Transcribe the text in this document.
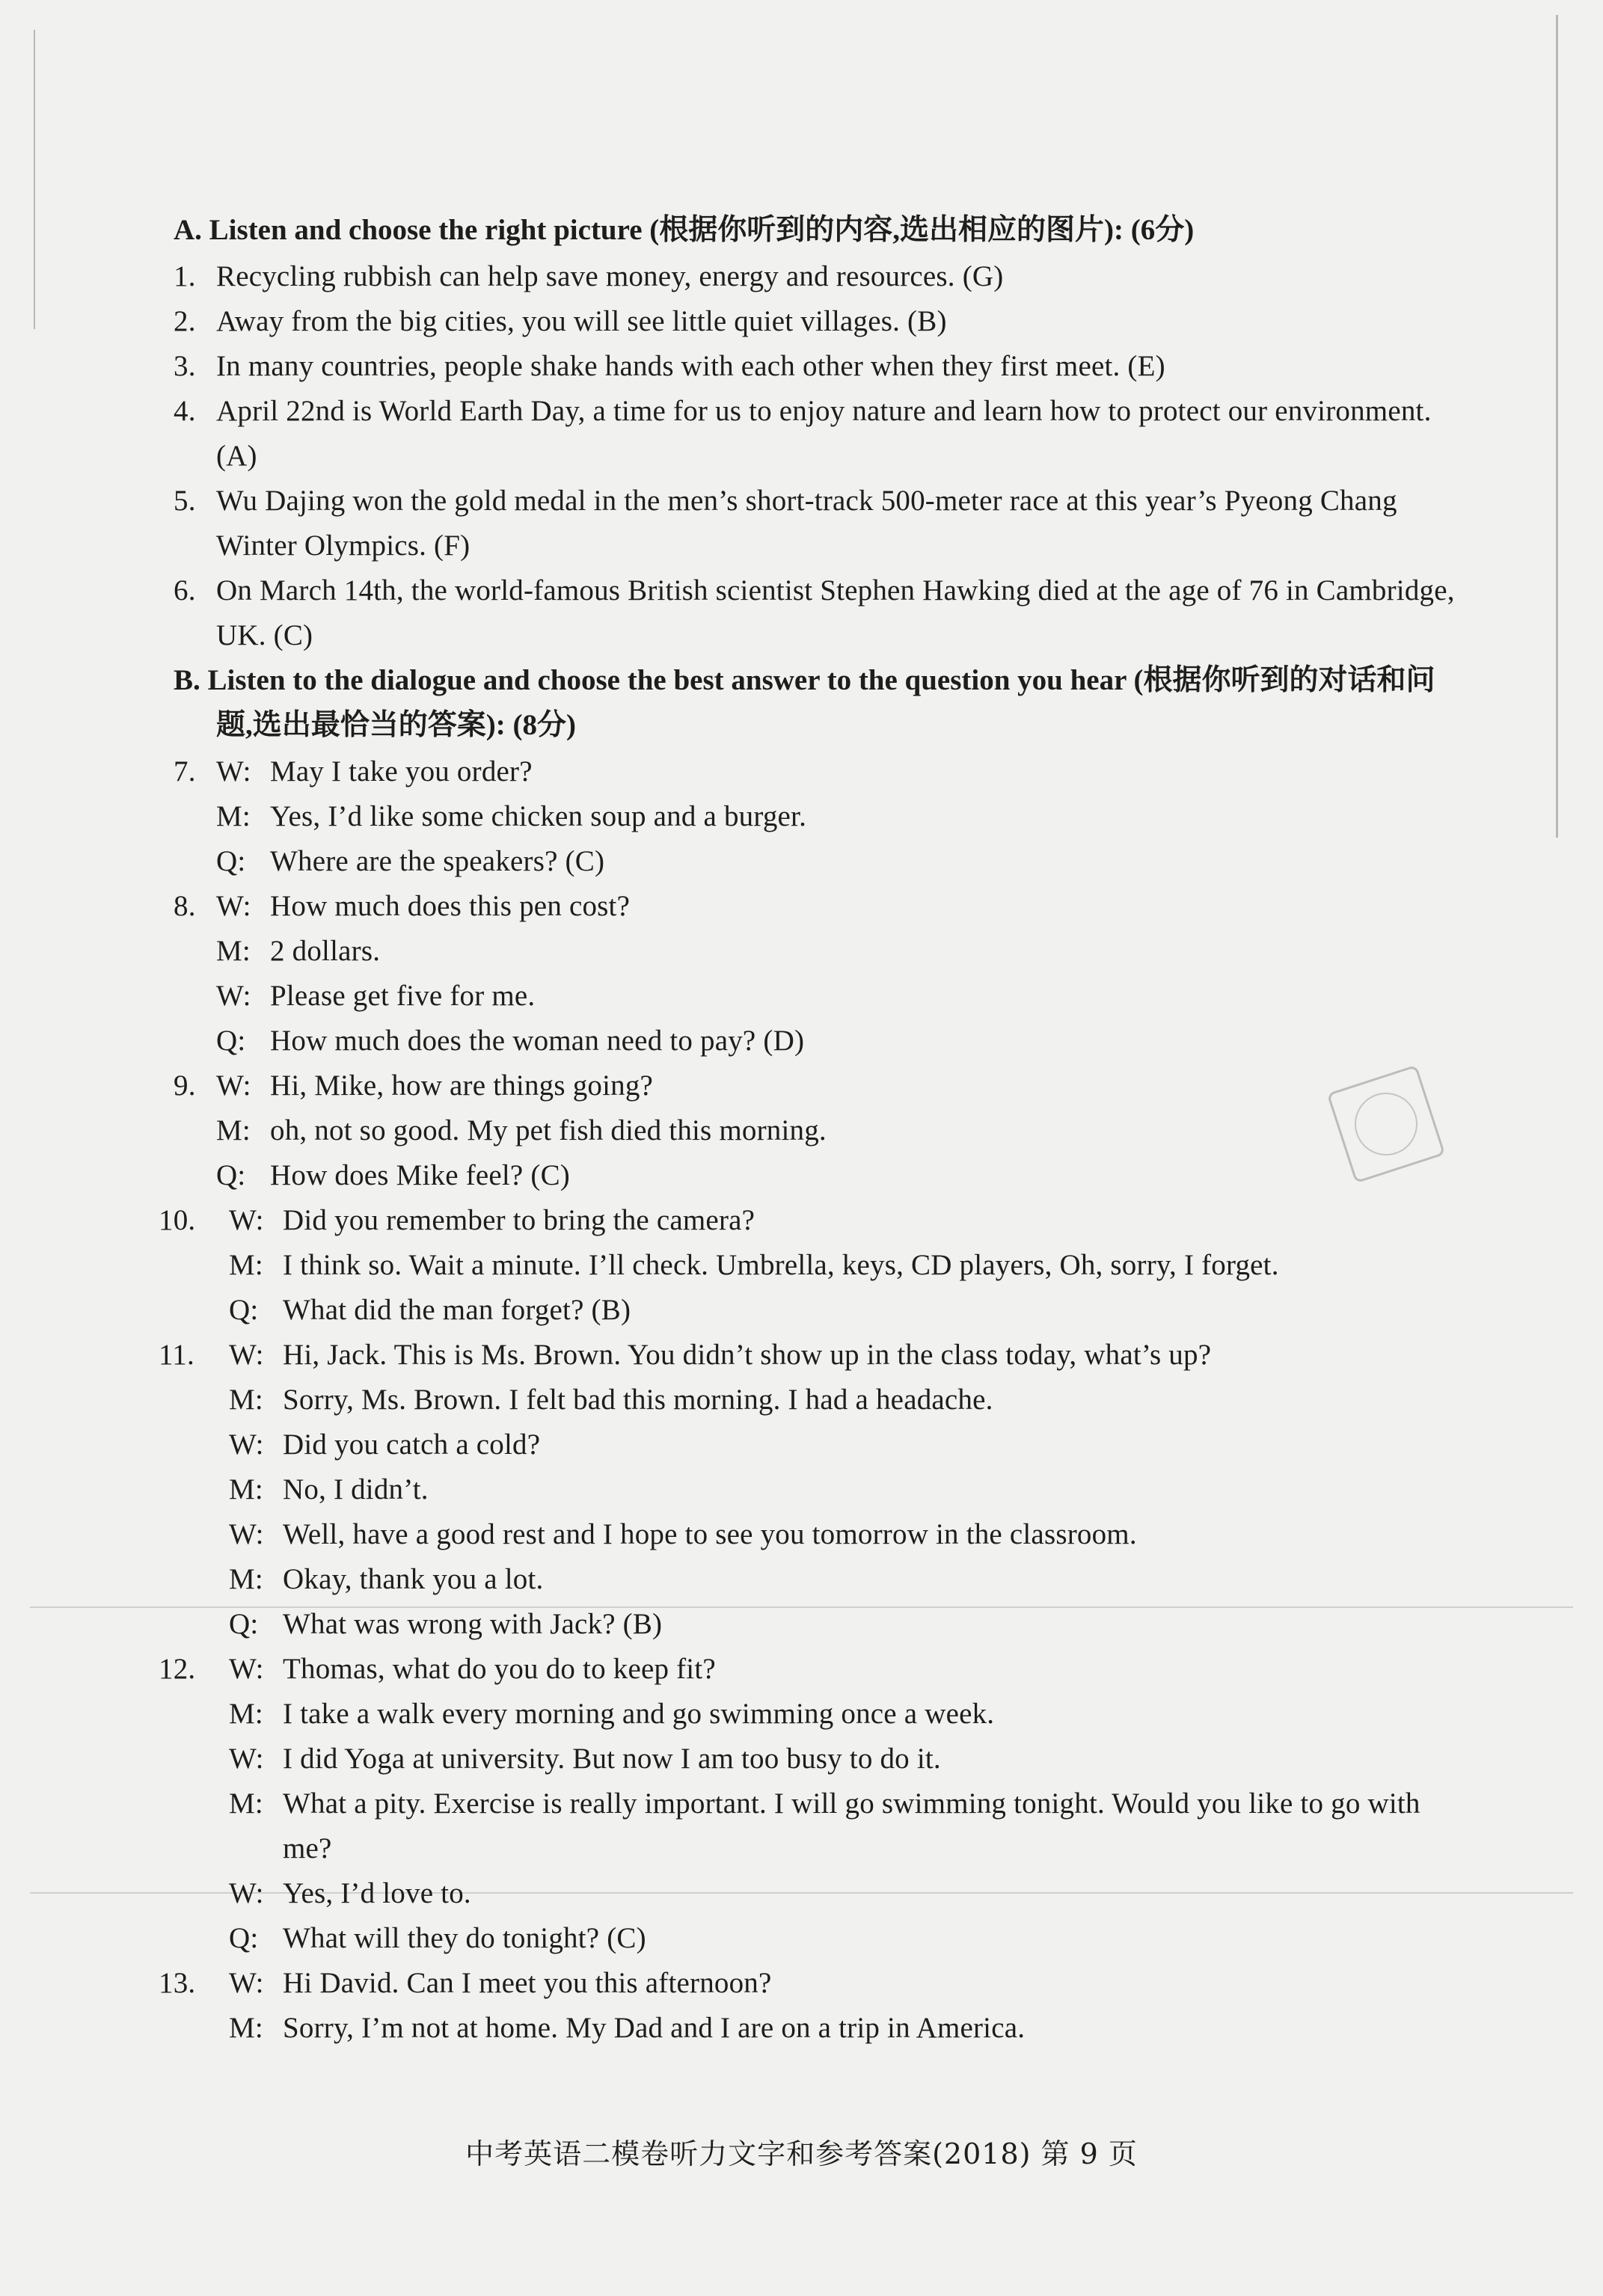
A. Listen and choose the right picture (根据你听到的内容,选出相应的图片): (6分)
1. Recycling rubbish can help save money, energy and resources. (G)
2. Away from the big cities, you will see little quiet villages. (B)
3. In many countries, people shake hands with each other when they first meet. (E)
4. April 22nd is World Earth Day, a time for us to enjoy nature and learn how to protect our environment. (A)
5. Wu Dajing won the gold medal in the men’s short-track 500-meter race at this year’s Pyeong Chang Winter Olympics. (F)
6. On March 14th, the world-famous British scientist Stephen Hawking died at the age of 76 in Cambridge, UK. (C)
B. Listen to the dialogue and choose the best answer to the question you hear (根据你听到的对话和问题,选出最恰当的答案): (8分)
7. W: May I take you order?
M: Yes, I’d like some chicken soup and a burger.
Q: Where are the speakers? (C)
8. W: How much does this pen cost?
M: 2 dollars.
W: Please get five for me.
Q: How much does the woman need to pay? (D)
9. W: Hi, Mike, how are things going?
M: oh, not so good. My pet fish died this morning.
Q: How does Mike feel? (C)
10. W: Did you remember to bring the camera?
M: I think so. Wait a minute. I’ll check. Umbrella, keys, CD players, Oh, sorry, I forget.
Q: What did the man forget? (B)
11. W: Hi, Jack. This is Ms. Brown. You didn’t show up in the class today, what’s up?
M: Sorry, Ms. Brown. I felt bad this morning. I had a headache.
W: Did you catch a cold?
M: No, I didn’t.
W: Well, have a good rest and I hope to see you tomorrow in the classroom.
M: Okay, thank you a lot.
Q: What was wrong with Jack? (B)
12. W: Thomas, what do you do to keep fit?
M: I take a walk every morning and go swimming once a week.
W: I did Yoga at university. But now I am too busy to do it.
M: What a pity. Exercise is really important. I will go swimming tonight. Would you like to go with me?
W: Yes, I’d love to.
Q: What will they do tonight? (C)
13. W: Hi David. Can I meet you this afternoon?
M: Sorry, I’m not at home. My Dad and I are on a trip in America.
中考英语二模卷听力文字和参考答案(2018) 第 9 页
